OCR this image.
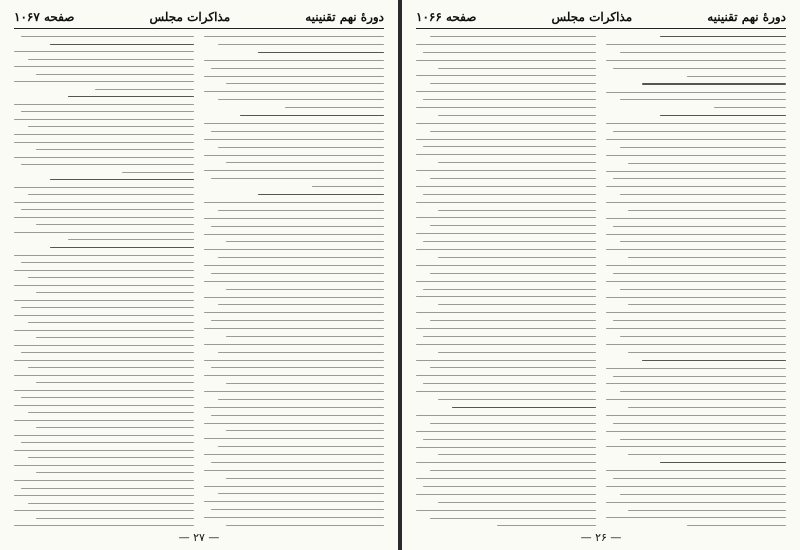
دورهٔ نهم تقنینیه
مذاکرات مجلس
صفحه ۱۰۶۷
— ۲۷ —
دورهٔ نهم تقنینیه
مذاکرات مجلس
صفحه ۱۰۶۶
— ۲۶ —
